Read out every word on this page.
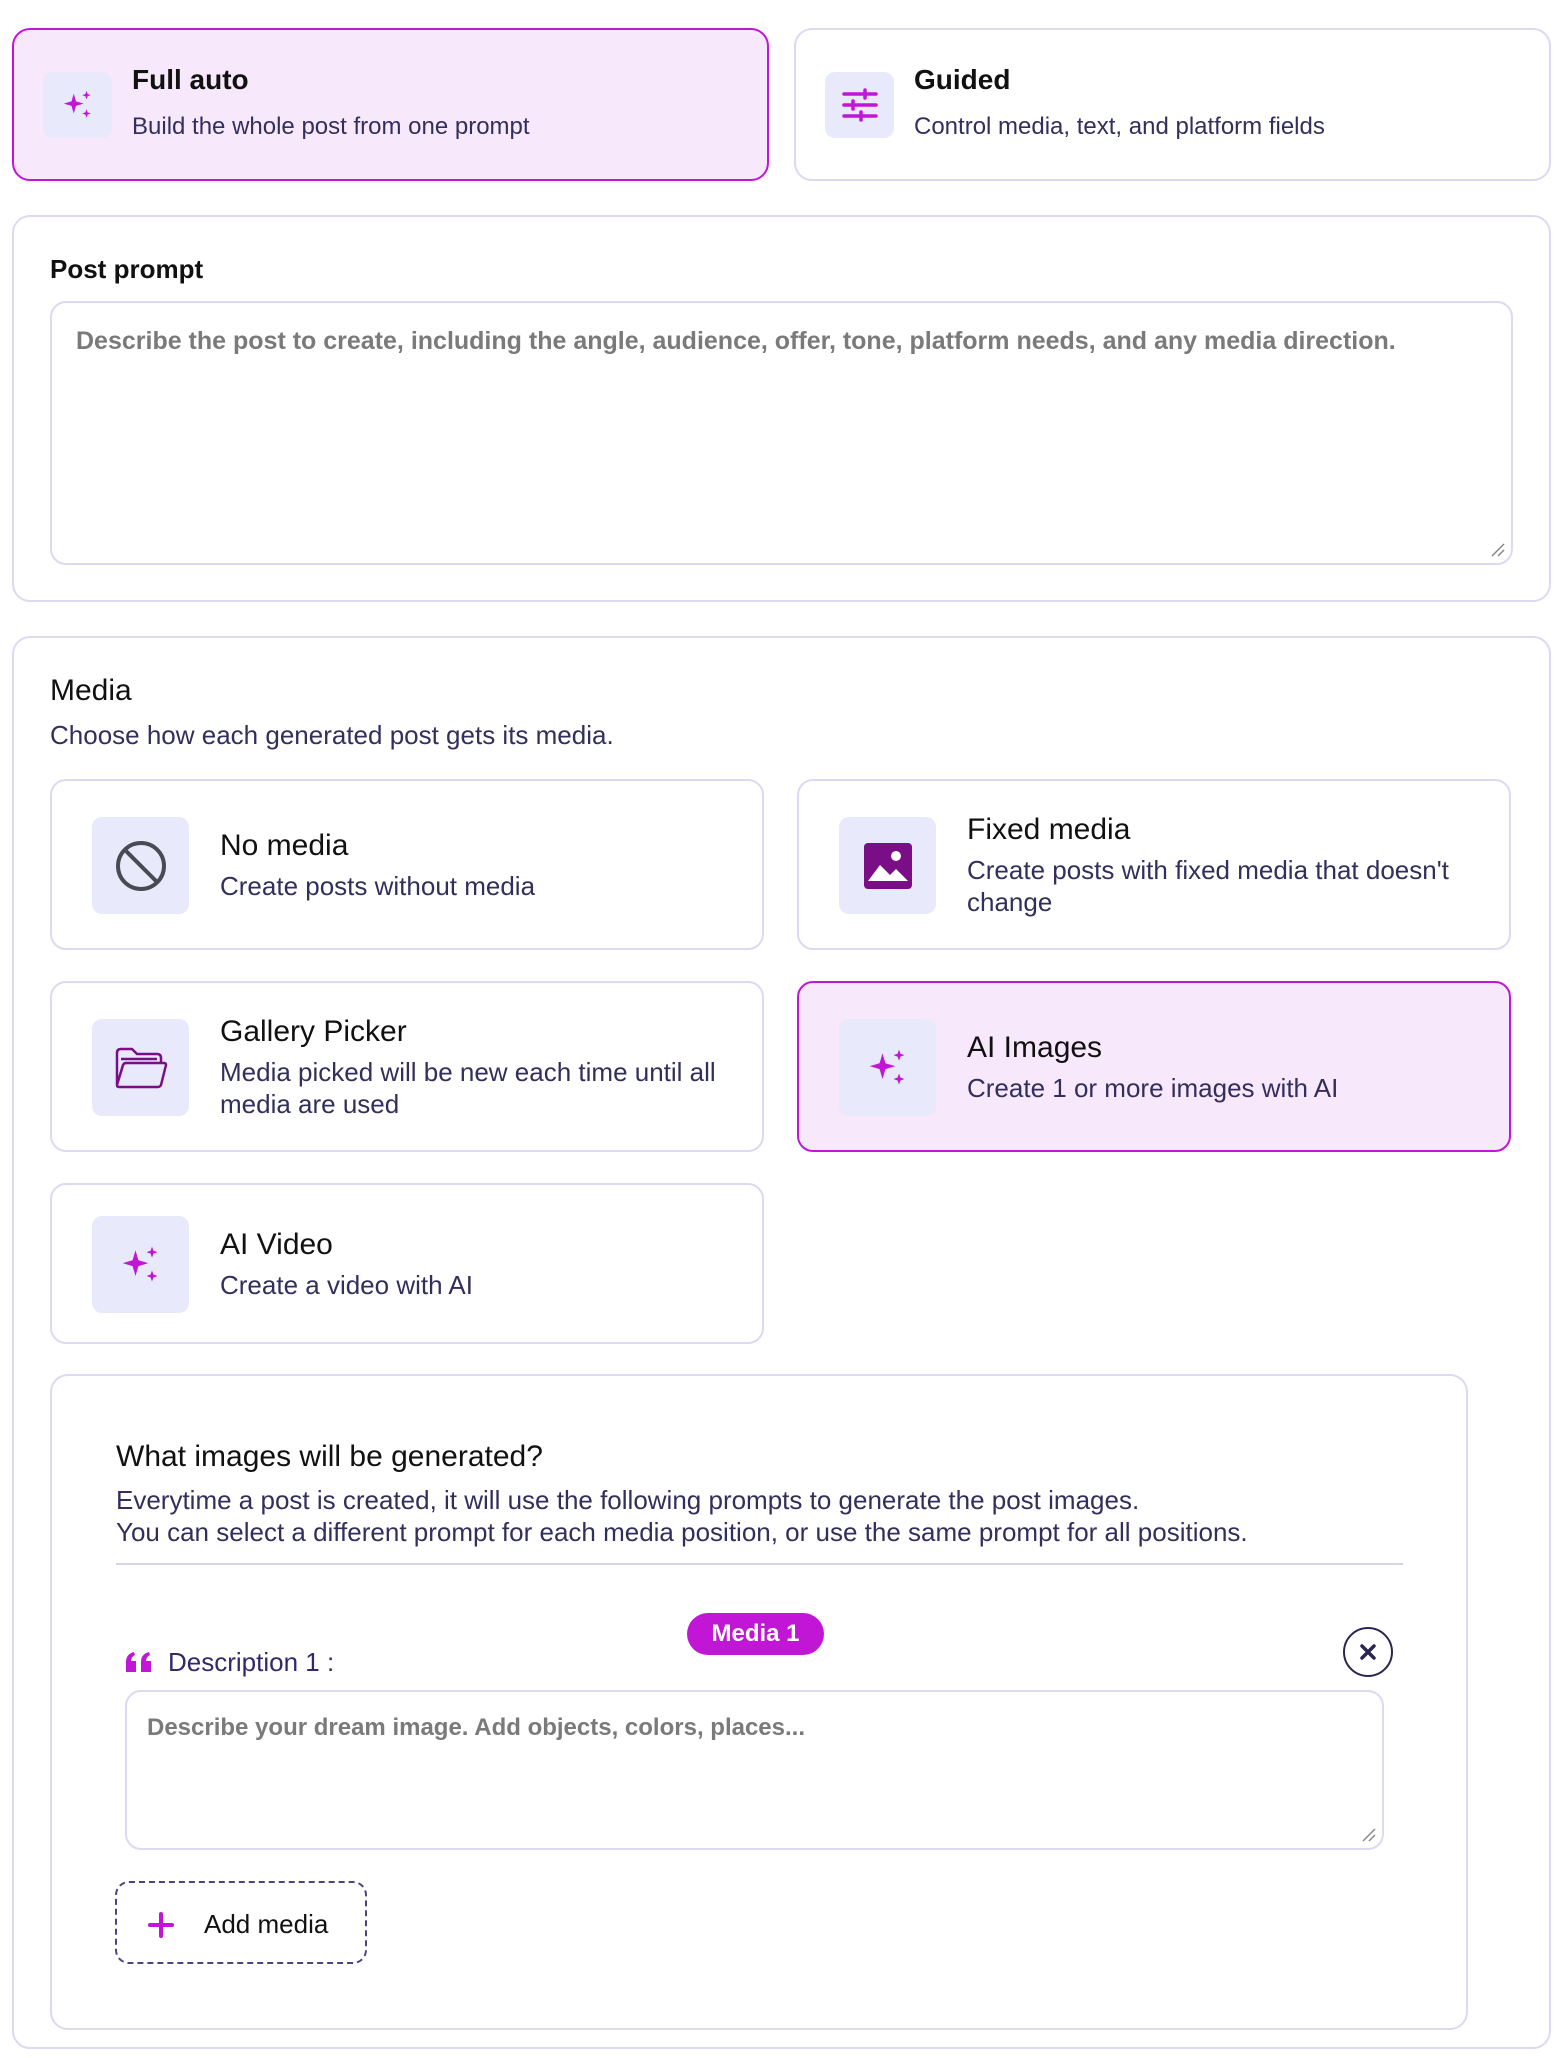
Full auto
Build the whole post from one prompt
Guided
Control media, text, and platform fields
Post prompt
Describe the post to create, including the angle, audience, offer, tone, platform needs, and any media direction.
Media
Choose how each generated post gets its media.
No media
Create posts without media
Fixed media
Create posts with fixed media that doesn't change
Gallery Picker
Media picked will be new each time until all media are used
AI Images
Create 1 or more images with AI
AI Video
Create a video with AI
What images will be generated?
Everytime a post is created, it will use the following prompts to generate the post images.
You can select a different prompt for each media position, or use the same prompt for all positions.
Media 1
Description 1 :
Describe your dream image. Add objects, colors, places...
Add media
